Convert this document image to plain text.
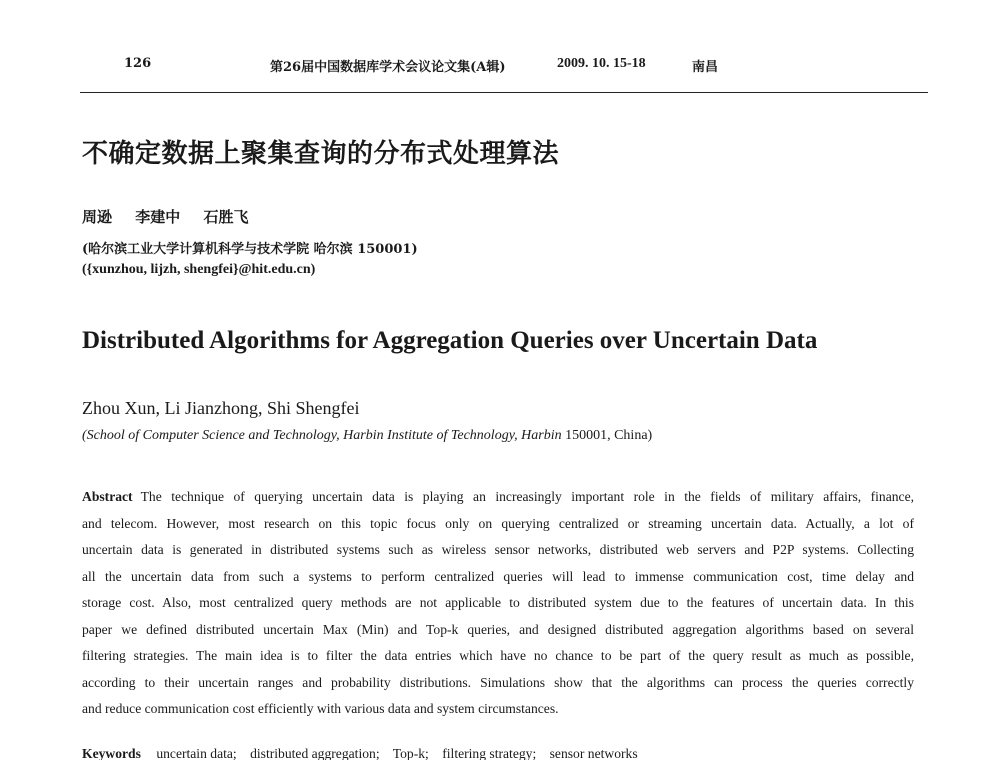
126	第26届中国数据库学术会议论文集(A辑)	2009. 10. 15-18	南昌
不确定数据上聚集查询的分布式处理算法
周逊 李建中 石胜飞
(哈尔滨工业大学计算机科学与技术学院 哈尔滨 150001)
({xunzhou, lijzh, shengfei}@hit.edu.cn)
Distributed Algorithms for Aggregation Queries over Uncertain Data
Zhou Xun, Li Jianzhong, Shi Shengfei
(School of Computer Science and Technology, Harbin Institute of Technology, Harbin 150001, China)
Abstract The technique of querying uncertain data is playing an increasingly important role in the fields of military affairs, finance,
and telecom. However, most research on this topic focus only on querying centralized or streaming uncertain data. Actually, a lot of
uncertain data is generated in distributed systems such as wireless sensor networks, distributed web servers and P2P systems. Collecting
all the uncertain data from such a systems to perform centralized queries will lead to immense communication cost, time delay and
storage cost. Also, most centralized query methods are not applicable to distributed system due to the features of uncertain data. In this
paper we defined distributed uncertain Max (Min) and Top-k queries, and designed distributed aggregation algorithms based on several
filtering strategies. The main idea is to filter the data entries which have no chance to be part of the query result as much as possible,
according to their uncertain ranges and probability distributions. Simulations show that the algorithms can process the queries correctly
and reduce communication cost efficiently with various data and system circumstances.
Keywords uncertain data; distributed aggregation; Top-k; filtering strategy; sensor networks
